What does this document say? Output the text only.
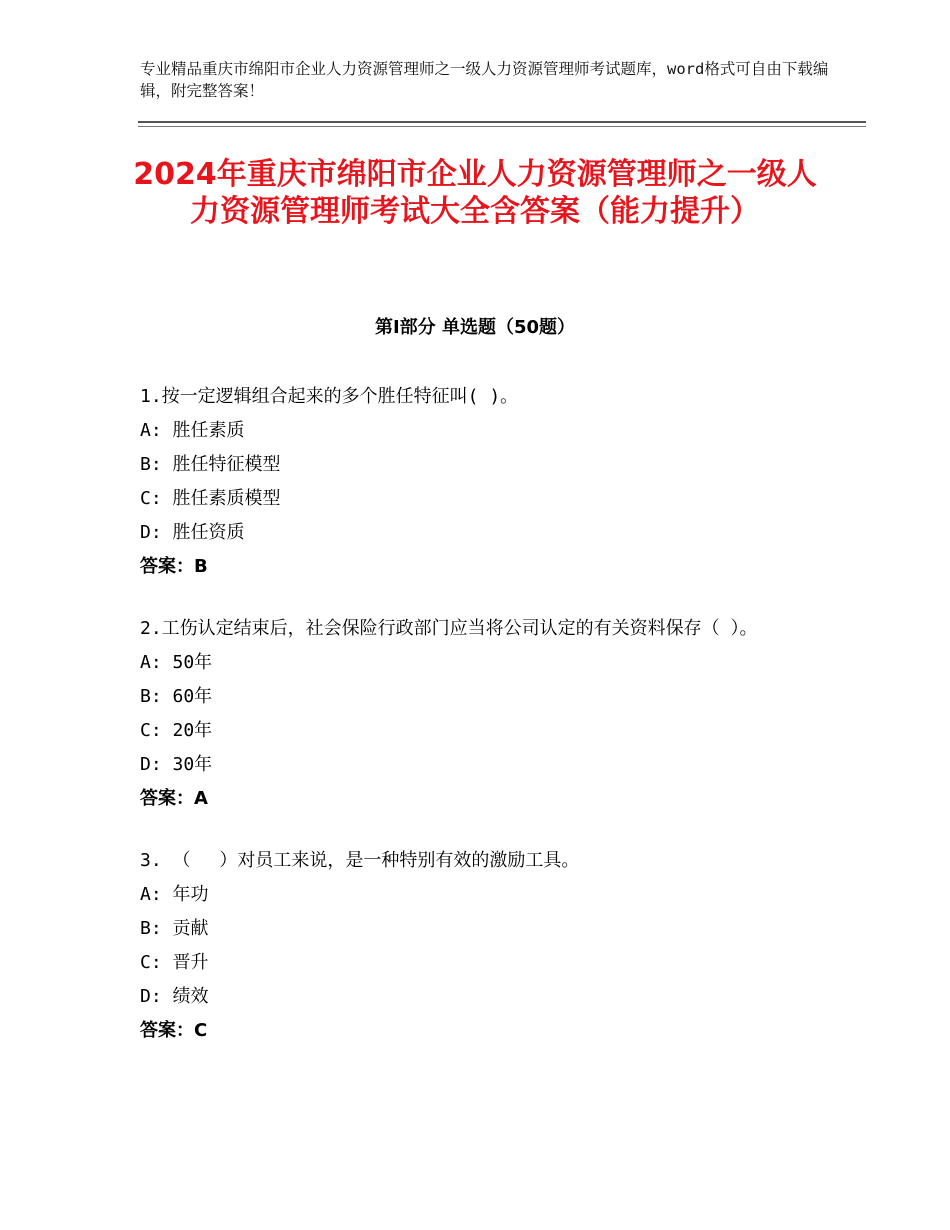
专业精品重庆市绵阳市企业人力资源管理师之一级人力资源管理师考试题库，word格式可自由下载编辑，附完整答案！
2024年重庆市绵阳市企业人力资源管理师之一级人力资源管理师考试大全含答案（能力提升）
第Ⅰ部分 单选题（50题）

1.按一定逻辑组合起来的多个胜任特征叫( )。

A: 胜任素质

B: 胜任特征模型

C: 胜任素质模型

D: 胜任资质

答案：B

2.工伤认定结束后，社会保险行政部门应当将公司认定的有关资料保存（ ）。

A: 50年

B: 60年

C: 20年

D: 30年

答案：A

3. （　 ）对员工来说，是一种特别有效的激励工具。

A: 年功

B: 贡献

C: 晋升

D: 绩效

答案：C
